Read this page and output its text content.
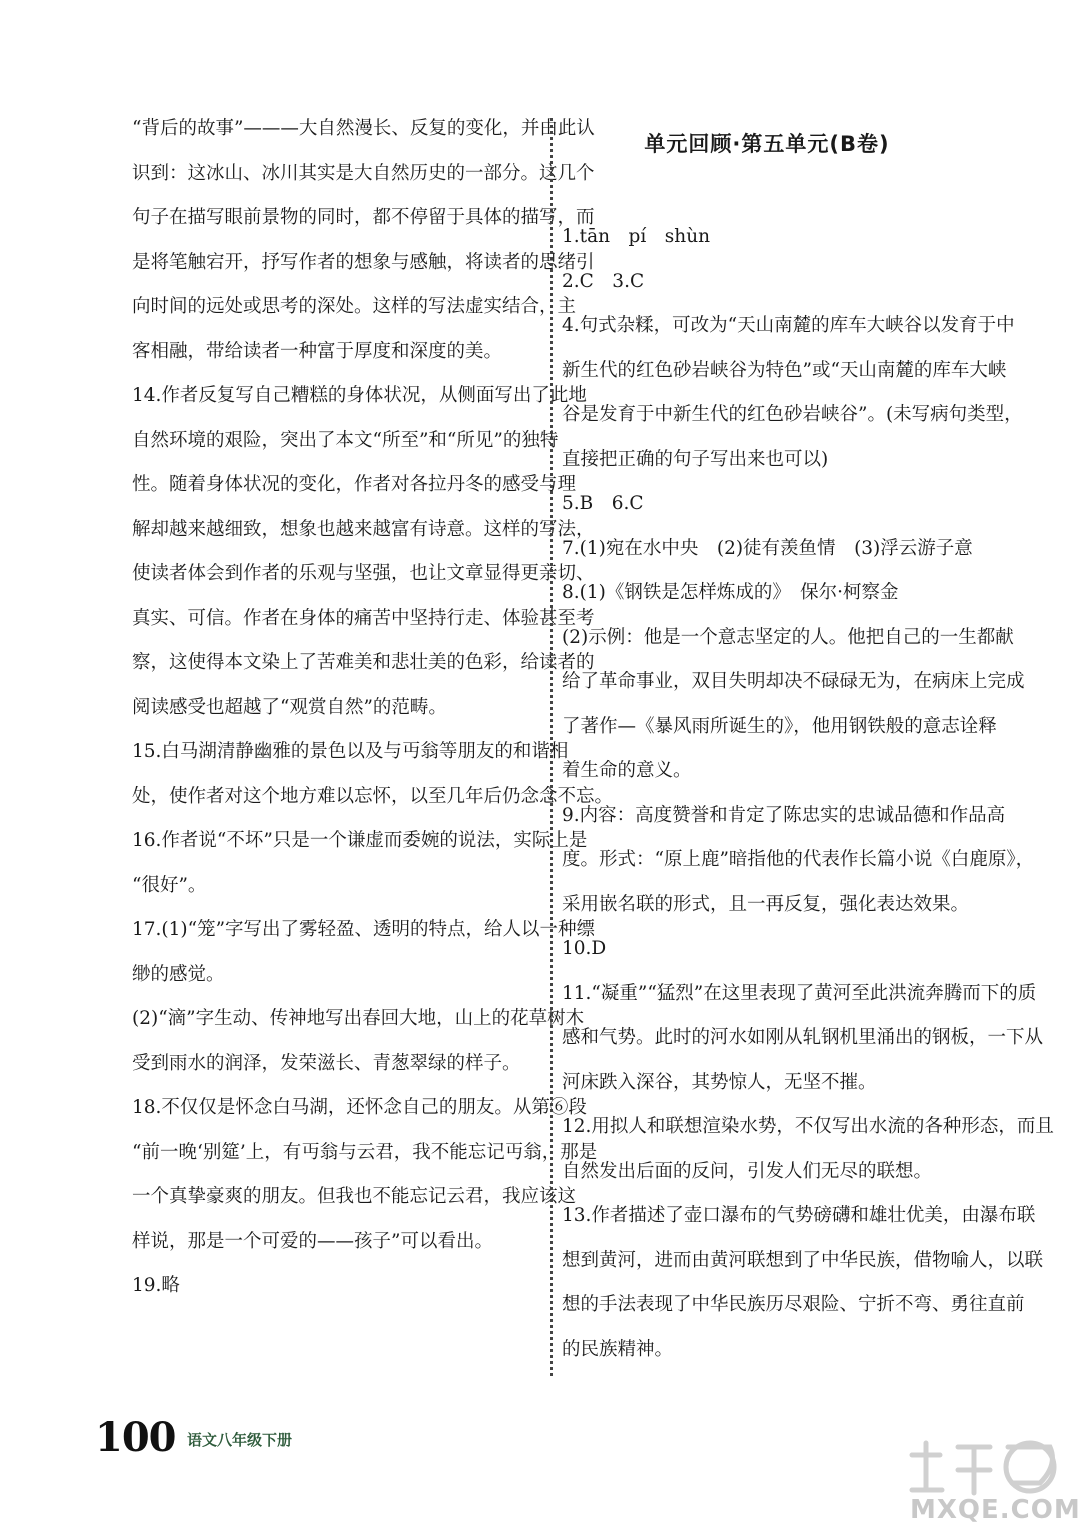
“背后的故事”———大自然漫长、反复的变化，并由此认
识到：这冰山、冰川其实是大自然历史的一部分。这几个
句子在描写眼前景物的同时，都不停留于具体的描写，而
是将笔触宕开，抒写作者的想象与感触，将读者的思绪引
向时间的远处或思考的深处。这样的写法虚实结合，主
客相融，带给读者一种富于厚度和深度的美。
14.作者反复写自己糟糕的身体状况，从侧面写出了此地
自然环境的艰险，突出了本文“所至”和“所见”的独特
性。随着身体状况的变化，作者对各拉丹冬的感受与理
解却越来越细致，想象也越来越富有诗意。这样的写法，
使读者体会到作者的乐观与坚强，也让文章显得更亲切、
真实、可信。作者在身体的痛苦中坚持行走、体验甚至考
察，这使得本文染上了苦难美和悲壮美的色彩，给读者的
阅读感受也超越了“观赏自然”的范畴。
15.白马湖清静幽雅的景色以及与丏翁等朋友的和谐相
处，使作者对这个地方难以忘怀，以至几年后仍念念不忘。
16.作者说“不坏”只是一个谦虚而委婉的说法，实际上是
“很好”。
17.(1)“笼”字写出了雾轻盈、透明的特点，给人以一种缥
缈的感觉。
(2)“滴”字生动、传神地写出春回大地，山上的花草树木
受到雨水的润泽，发荣滋长、青葱翠绿的样子。
18.不仅仅是怀念白马湖，还怀念自己的朋友。从第⑥段
“前一晚‘别筵’上，有丏翁与云君，我不能忘记丏翁，那是
一个真挚豪爽的朋友。但我也不能忘记云君，我应该这
样说，那是一个可爱的——孩子”可以看出。
19.略
单元回顾·第五单元(B卷)
1.tān　pí　shùn
2.C　3.C
4.句式杂糅，可改为“天山南麓的库车大峡谷以发育于中
新生代的红色砂岩峡谷为特色”或“天山南麓的库车大峡
谷是发育于中新生代的红色砂岩峡谷”。(未写病句类型，
直接把正确的句子写出来也可以)
5.B　6.C
7.(1)宛在水中央　(2)徒有羡鱼情　(3)浮云游子意
8.(1)《钢铁是怎样炼成的》　保尔·柯察金
(2)示例：他是一个意志坚定的人。他把自己的一生都献
给了革命事业，双目失明却决不碌碌无为，在病床上完成
了著作—《暴风雨所诞生的》，他用钢铁般的意志诠释
着生命的意义。
9.内容：高度赞誉和肯定了陈忠实的忠诚品德和作品高
度。形式：“原上鹿”暗指他的代表作长篇小说《白鹿原》，
采用嵌名联的形式，且一再反复，强化表达效果。
10.D
11.“凝重”“猛烈”在这里表现了黄河至此洪流奔腾而下的质
感和气势。此时的河水如刚从轧钢机里涌出的钢板，一下从
河床跌入深谷，其势惊人，无坚不摧。
12.用拟人和联想渲染水势，不仅写出水流的各种形态，而且
自然发出后面的反问，引发人们无尽的联想。
13.作者描述了壶口瀑布的气势磅礴和雄壮优美，由瀑布联
想到黄河，进而由黄河联想到了中华民族，借物喻人，以联
想的手法表现了中华民族历尽艰险、宁折不弯、勇往直前
的民族精神。
100 语文八年级下册
MXQE.COM
